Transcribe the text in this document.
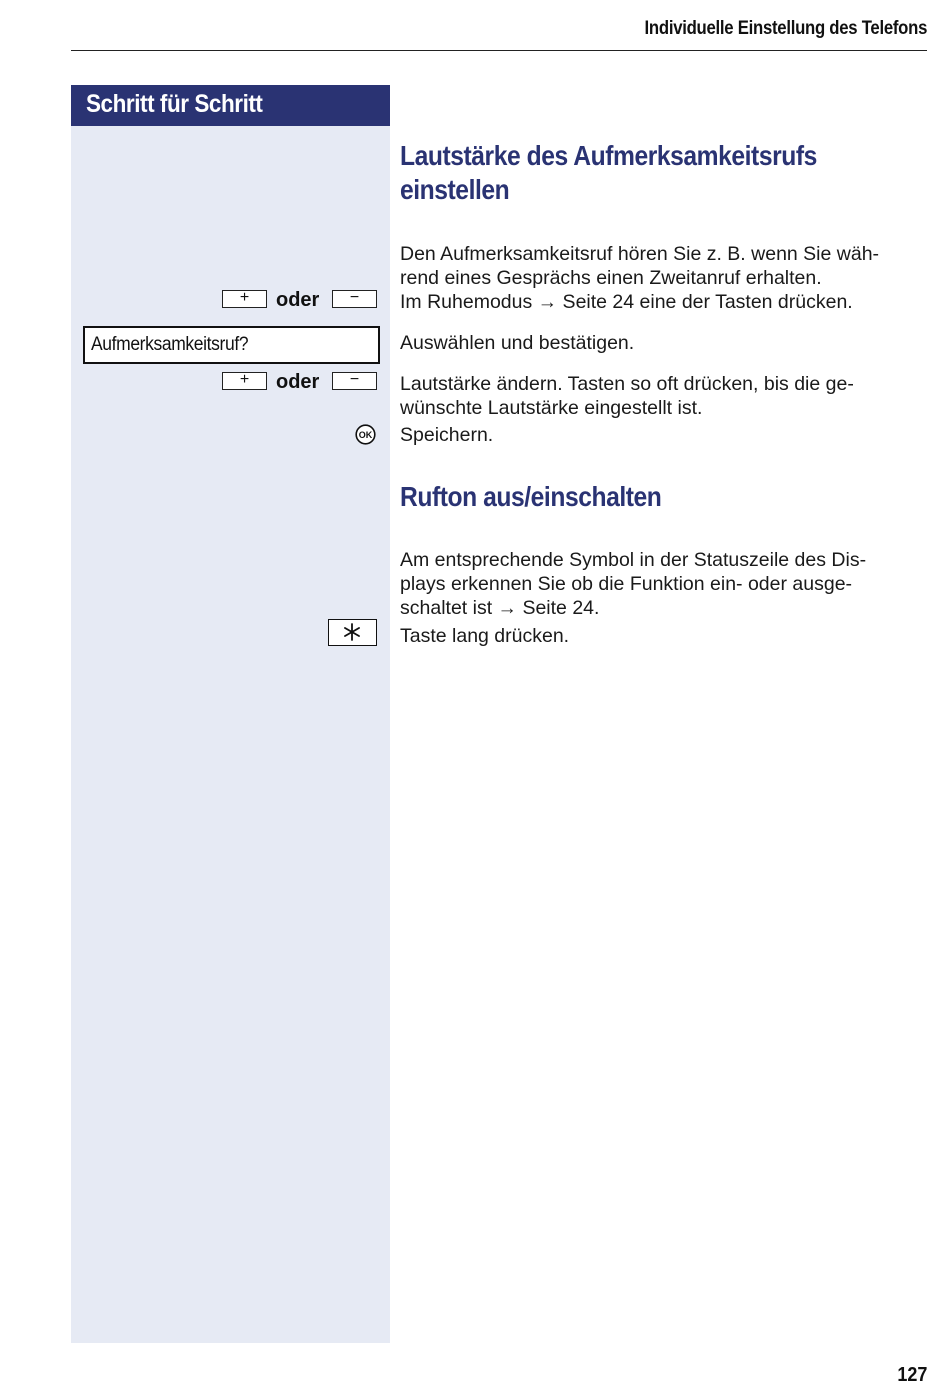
Individuelle Einstellung des Telefons
Schritt für Schritt
+	oder	−
Aufmerksamkeitsruf?
+	oder	−
OK
Lautstärke des Aufmerksamkeitsrufs
einstellen
Den Aufmerksamkeitsruf hören Sie z. B. wenn Sie wäh-
rend eines Gesprächs einen Zweitanruf erhalten.
Im Ruhemodus → Seite 24 eine der Tasten drücken.
Auswählen und bestätigen.
Lautstärke ändern. Tasten so oft drücken, bis die ge-
wünschte Lautstärke eingestellt ist.
Speichern.
Rufton aus/einschalten
Am entsprechende Symbol in der Statuszeile des Dis-
plays erkennen Sie ob die Funktion ein- oder ausge-
schaltet ist → Seite 24.
Taste lang drücken.
127
